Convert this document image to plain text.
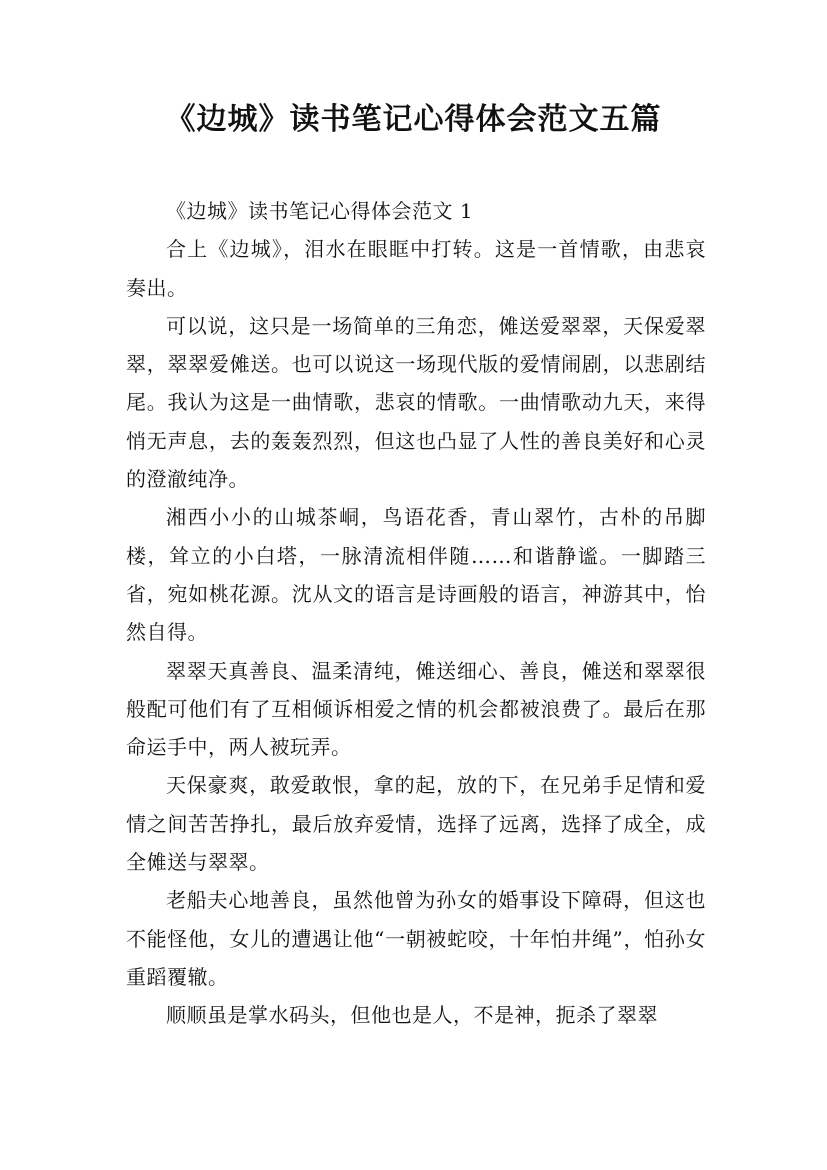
《边城》读书笔记心得体会范文五篇

《边城》读书笔记心得体会范文 1

合上《边城》，泪水在眼眶中打转。这是一首情歌，由悲哀奏出。

可以说，这只是一场简单的三角恋，傩送爱翠翠，天保爱翠翠，翠翠爱傩送。也可以说这一场现代版的爱情闹剧，以悲剧结尾。我认为这是一曲情歌，悲哀的情歌。一曲情歌动九天，来得悄无声息，去的轰轰烈烈，但这也凸显了人性的善良美好和心灵的澄澈纯净。

湘西小小的山城茶峒，鸟语花香，青山翠竹，古朴的吊脚楼，耸立的小白塔，一脉清流相伴随……和谐静谧。一脚踏三省，宛如桃花源。沈从文的语言是诗画般的语言，神游其中，怡然自得。

翠翠天真善良、温柔清纯，傩送细心、善良，傩送和翠翠很般配可他们有了互相倾诉相爱之情的机会都被浪费了。最后在那命运手中，两人被玩弄。

天保豪爽，敢爱敢恨，拿的起，放的下，在兄弟手足情和爱情之间苦苦挣扎，最后放弃爱情，选择了远离，选择了成全，成全傩送与翠翠。

老船夫心地善良，虽然他曾为孙女的婚事设下障碍，但这也不能怪他，女儿的遭遇让他“一朝被蛇咬，十年怕井绳”，怕孙女重蹈覆辙。

顺顺虽是掌水码头，但他也是人，不是神，扼杀了翠翠
